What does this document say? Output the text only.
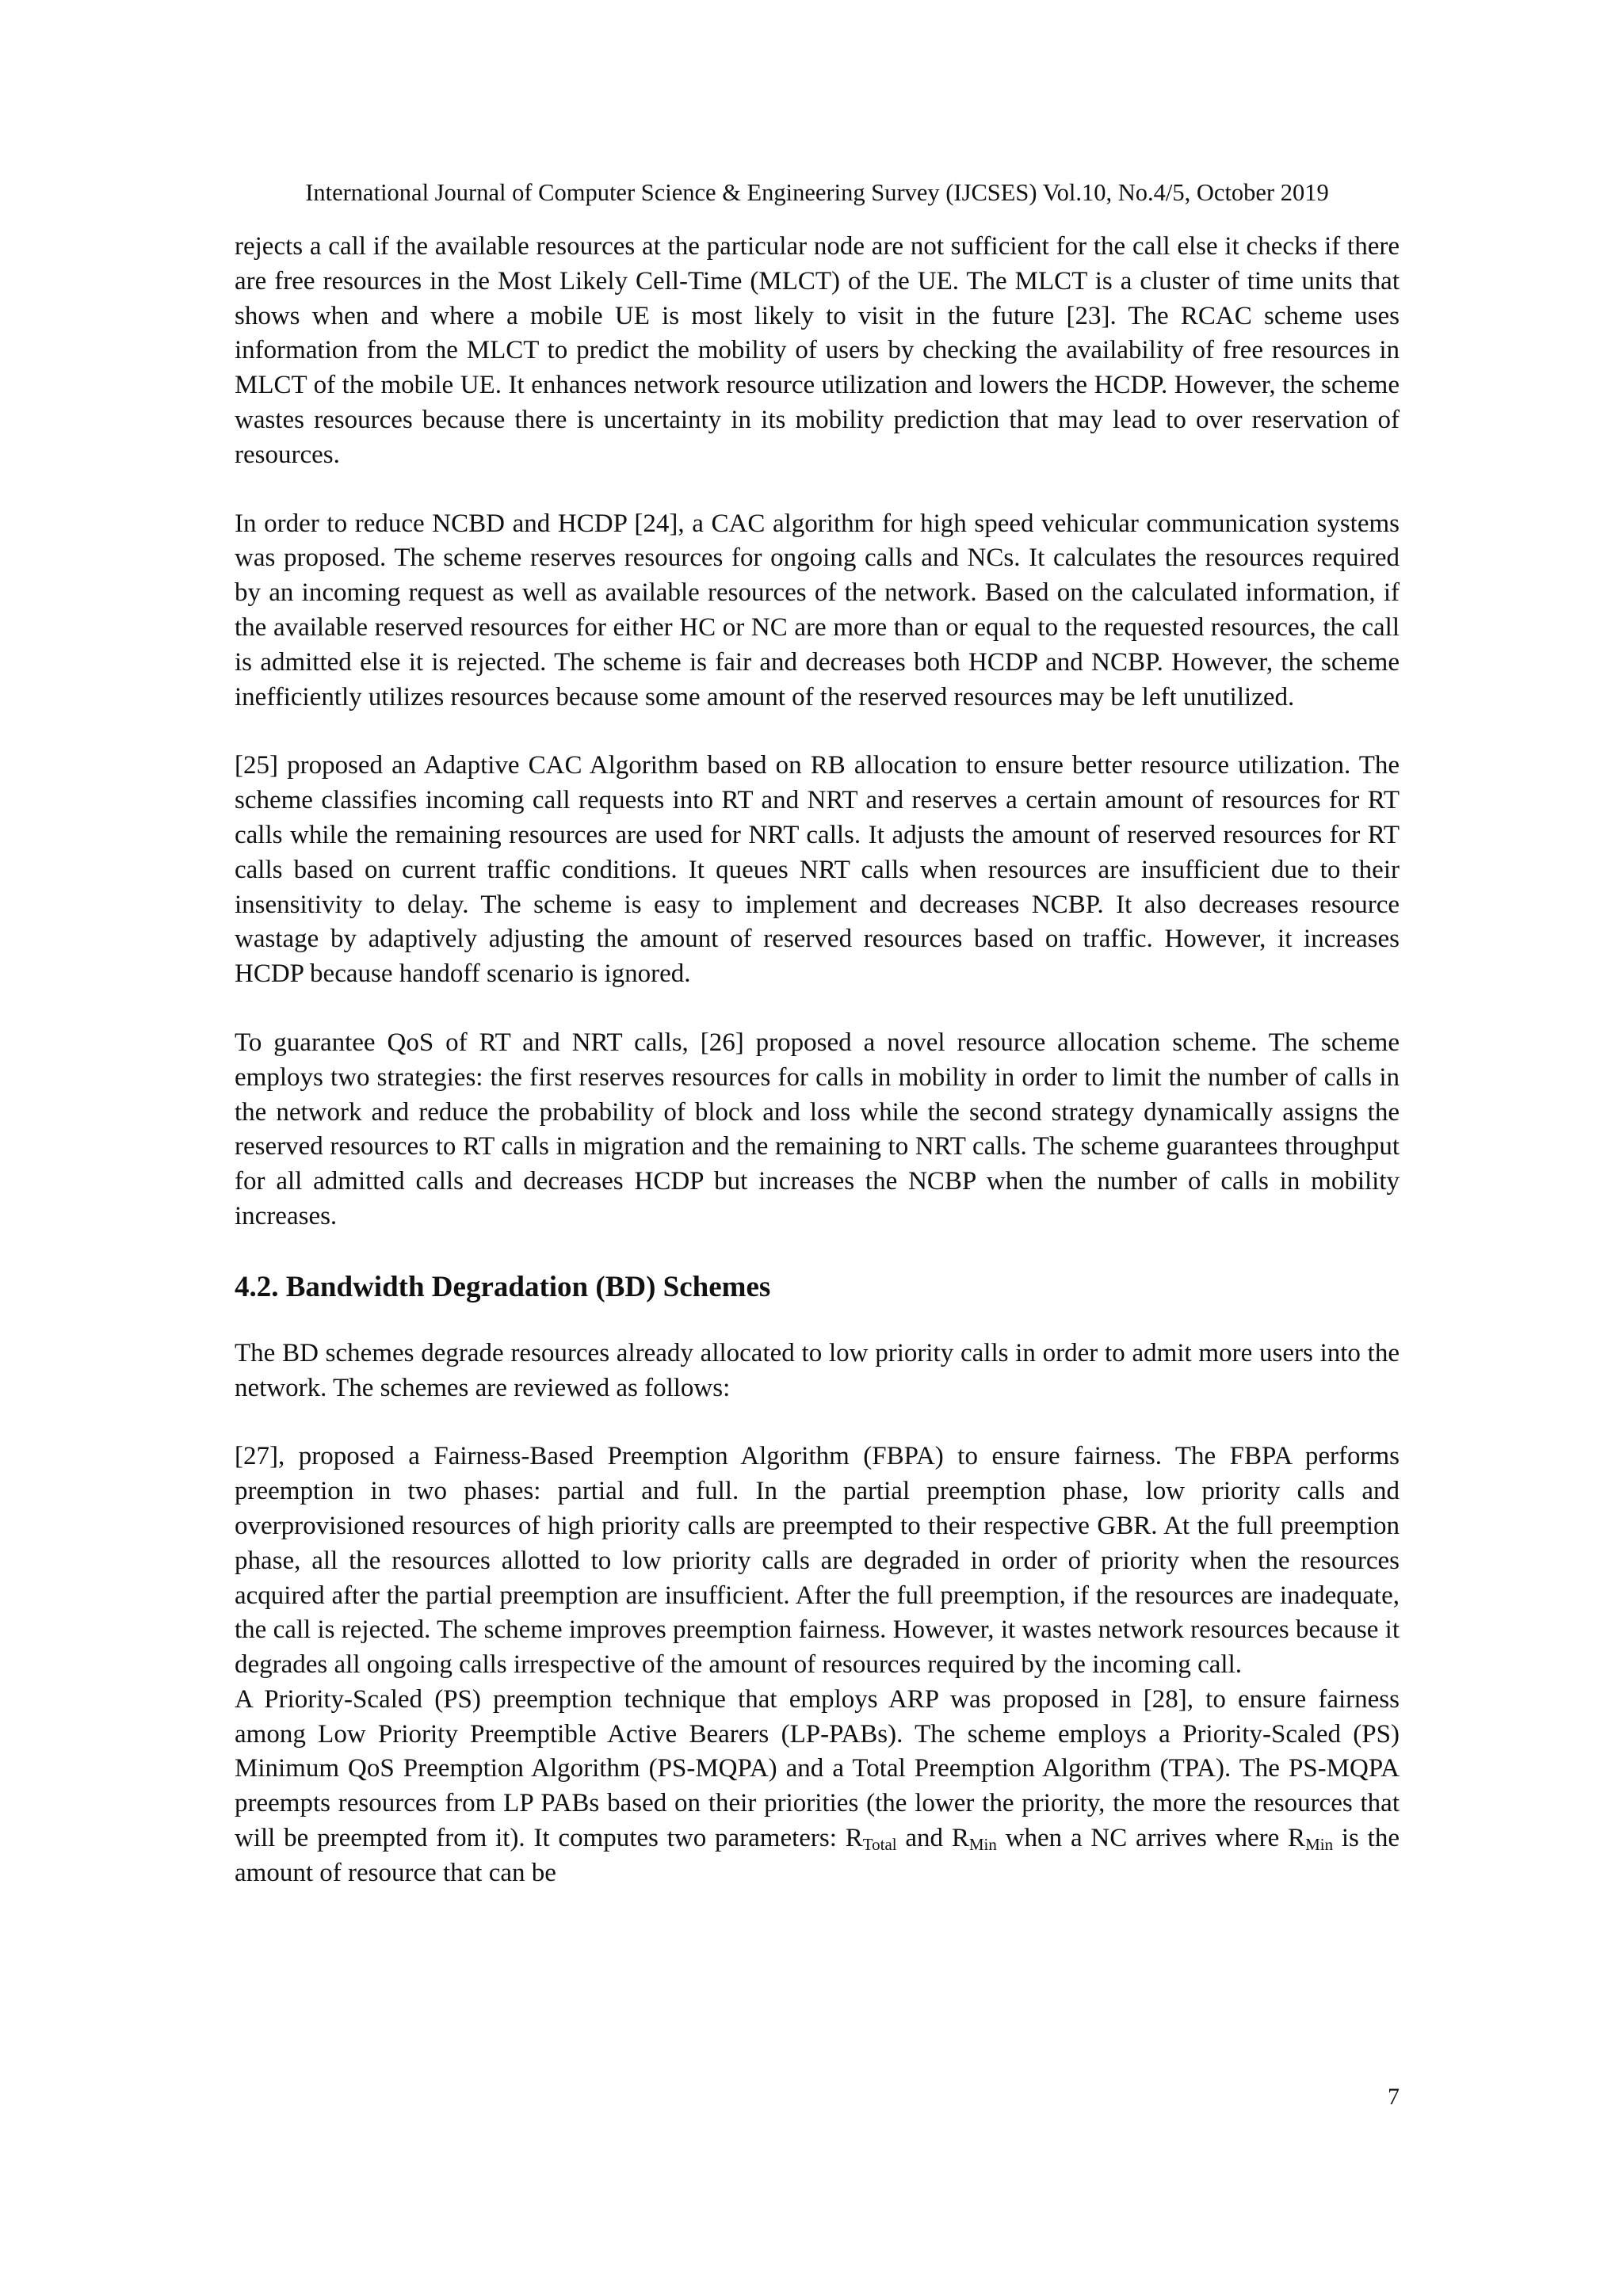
International Journal of Computer Science & Engineering Survey (IJCSES) Vol.10, No.4/5, October 2019

rejects a call if the available resources at the particular node are not sufficient for the call else it checks if there are free resources in the Most Likely Cell-Time (MLCT) of the UE. The MLCT is a cluster of time units that shows when and where a mobile UE is most likely to visit in the future [23]. The RCAC scheme uses information from the MLCT to predict the mobility of users by checking the availability of free resources in MLCT of the mobile UE. It enhances network resource utilization and lowers the HCDP. However, the scheme wastes resources because there is uncertainty in its mobility prediction that may lead to over reservation of resources.

In order to reduce NCBD and HCDP [24], a CAC algorithm for high speed vehicular communication systems was proposed. The scheme reserves resources for ongoing calls and NCs. It calculates the resources required by an incoming request as well as available resources of the network. Based on the calculated information, if the available reserved resources for either HC or NC are more than or equal to the requested resources, the call is admitted else it is rejected. The scheme is fair and decreases both HCDP and NCBP. However, the scheme inefficiently utilizes resources because some amount of the reserved resources may be left unutilized.

[25] proposed an Adaptive CAC Algorithm based on RB allocation to ensure better resource utilization. The scheme classifies incoming call requests into RT and NRT and reserves a certain amount of resources for RT calls while the remaining resources are used for NRT calls. It adjusts the amount of reserved resources for RT calls based on current traffic conditions. It queues NRT calls when resources are insufficient due to their insensitivity to delay. The scheme is easy to implement and decreases NCBP. It also decreases resource wastage by adaptively adjusting the amount of reserved resources based on traffic. However, it increases HCDP because handoff scenario is ignored.

To guarantee QoS of RT and NRT calls, [26] proposed a novel resource allocation scheme. The scheme employs two strategies: the first reserves resources for calls in mobility in order to limit the number of calls in the network and reduce the probability of block and loss while the second strategy dynamically assigns the reserved resources to RT calls in migration and the remaining to NRT calls. The scheme guarantees throughput for all admitted calls and decreases HCDP but increases the NCBP when the number of calls in mobility increases.

4.2. Bandwidth Degradation (BD) Schemes

The BD schemes degrade resources already allocated to low priority calls in order to admit more users into the network. The schemes are reviewed as follows:

[27], proposed a Fairness-Based Preemption Algorithm (FBPA) to ensure fairness. The FBPA performs preemption in two phases: partial and full. In the partial preemption phase, low priority calls and overprovisioned resources of high priority calls are preempted to their respective GBR. At the full preemption phase, all the resources allotted to low priority calls are degraded in order of priority when the resources acquired after the partial preemption are insufficient. After the full preemption, if the resources are inadequate, the call is rejected. The scheme improves preemption fairness. However, it wastes network resources because it degrades all ongoing calls irrespective of the amount of resources required by the incoming call.

A Priority-Scaled (PS) preemption technique that employs ARP was proposed in [28], to ensure fairness among Low Priority Preemptible Active Bearers (LP-PABs). The scheme employs a Priority-Scaled (PS) Minimum QoS Preemption Algorithm (PS-MQPA) and a Total Preemption Algorithm (TPA). The PS-MQPA preempts resources from LP PABs based on their priorities (the lower the priority, the more the resources that will be preempted from it). It computes two parameters: $R_{Total}$ and $R_{Min}$ when a NC arrives where $R_{Min}$ is the amount of resource that can be

7
